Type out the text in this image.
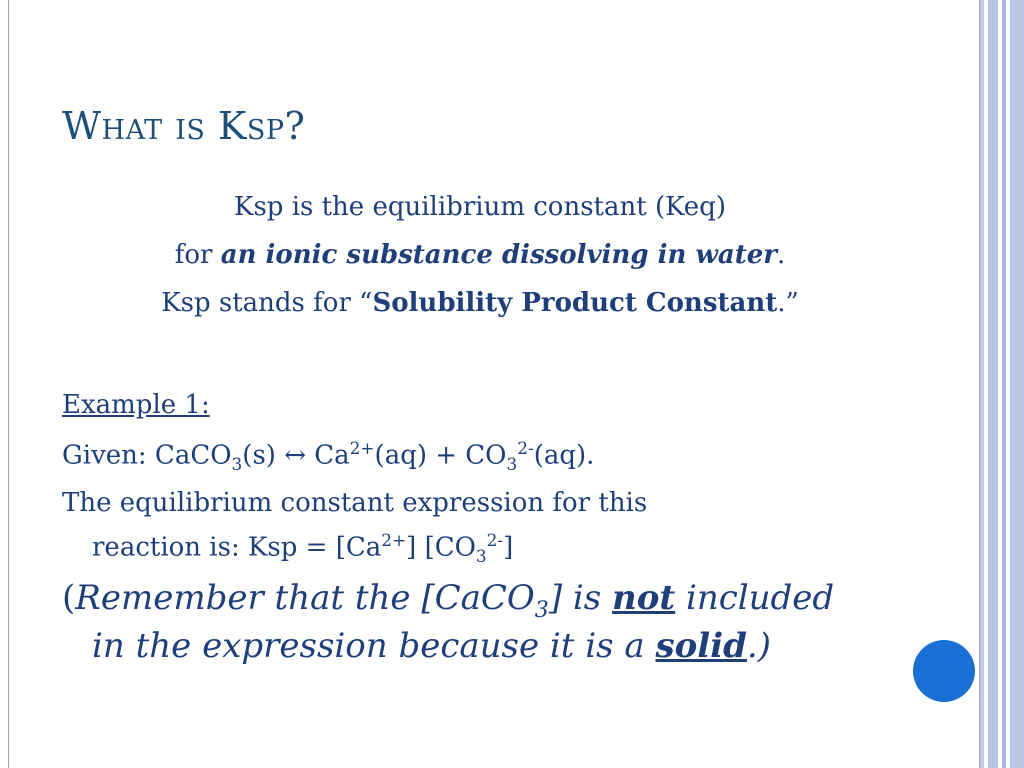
What is Ksp?
Ksp is the equilibrium constant (Keq)
for an ionic substance dissolving in water.
Ksp stands for “Solubility Product Constant.”
Example 1:
Given: CaCO$_3$(s) ↔ $Ca^{2+}(aq) + CO_3^{2-}(aq)$.
The equilibrium constant expression for this
reaction is: Ksp = $[Ca^{2+}]$ $[CO_3^{2-}]$
(Remember that the [CaCO$_3$] is not included
in the expression because it is a solid.)
